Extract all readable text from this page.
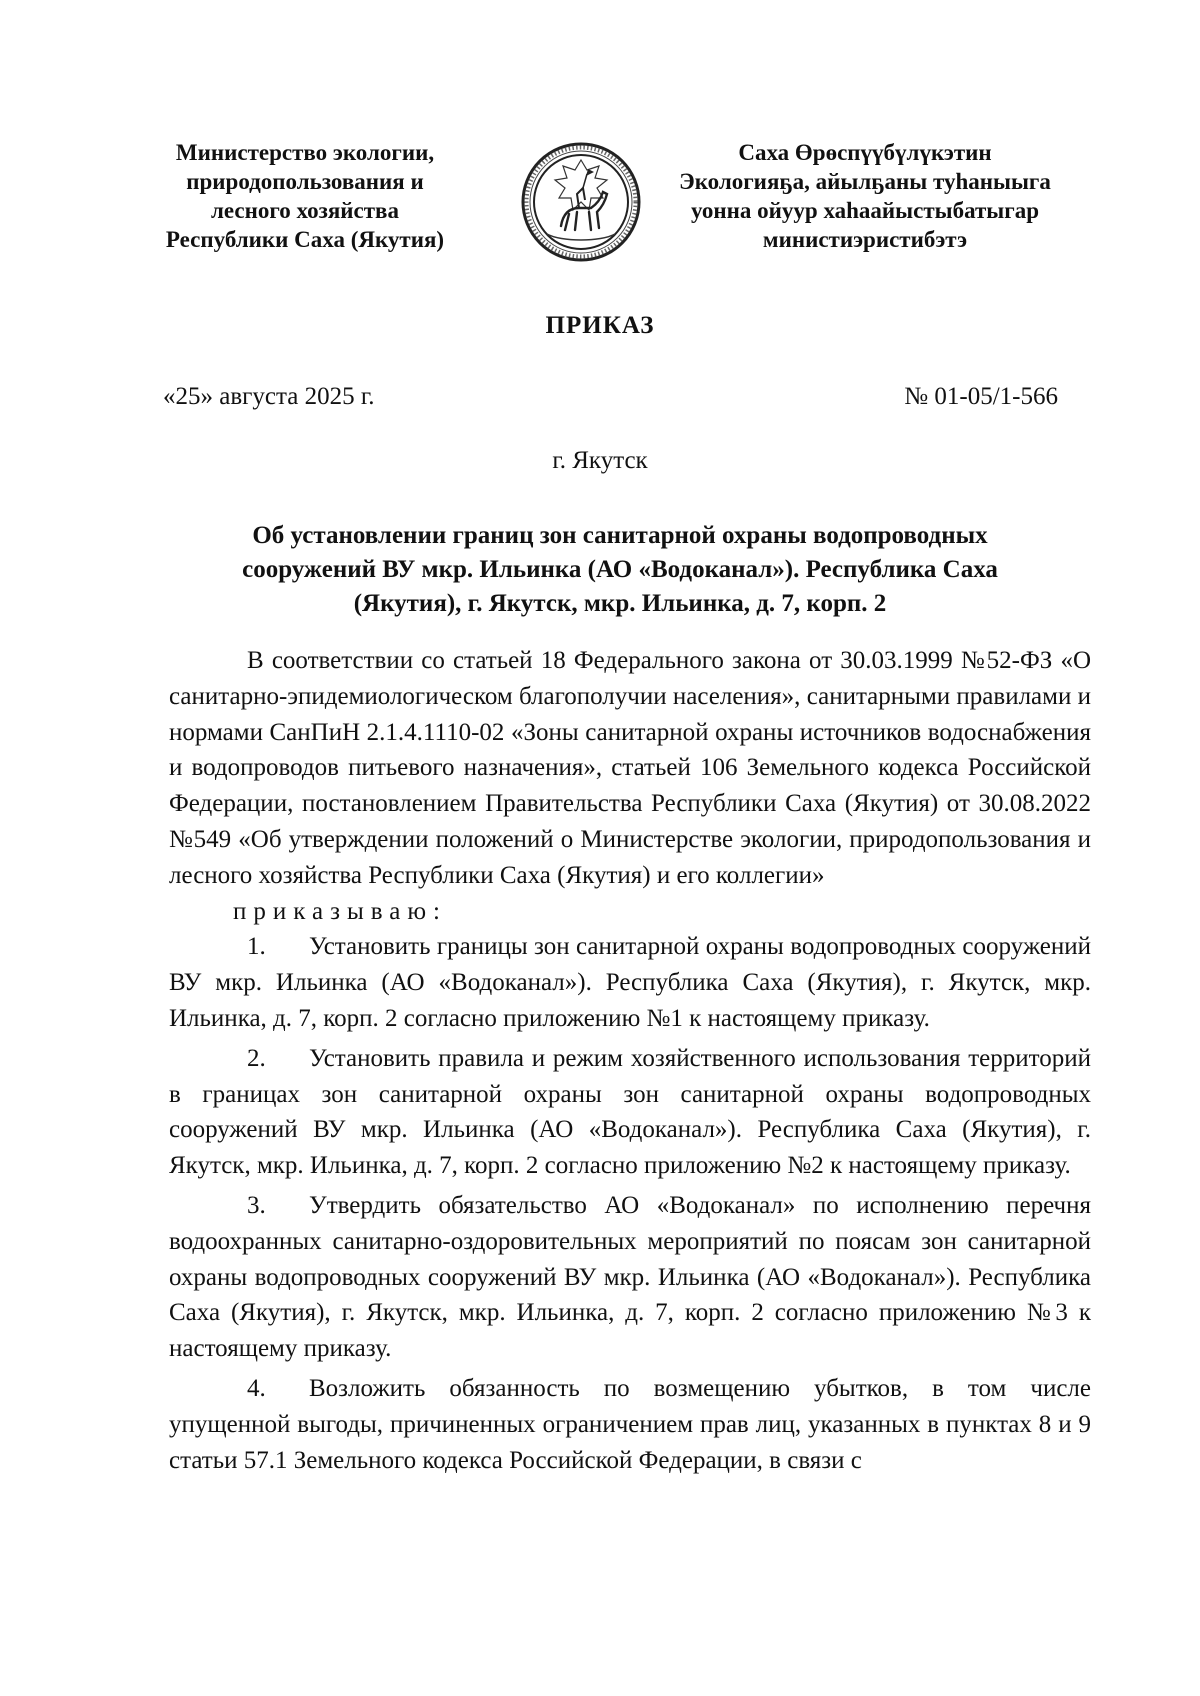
Министерство экологии,
природопользования и
лесного хозяйства
Республики Саха (Якутия)
Саха Өрөспүүбүлүкэтин
Экологияҕа, айылҕаны туһаныыга
уонна ойуур хаһаайыстыбатыгар
министиэристибэтэ
ПРИКАЗ
«25» августа 2025 г.	№ 01-05/1-566
г. Якутск
Об установлении границ зон санитарной охраны водопроводных
сооружений ВУ мкр. Ильинка (АО «Водоканал»). Республика Саха
(Якутия), г. Якутск, мкр. Ильинка, д. 7, корп. 2

В соответствии со статьей 18 Федерального закона от 30.03.1999 №52-ФЗ «О санитарно-эпидемиологическом благополучии населения», санитарными правилами и нормами СанПиН 2.1.4.1110-02 «Зоны санитарной охраны источников водоснабжения и водопроводов питьевого назначения», статьей 106 Земельного кодекса Российской Федерации, постановлением Правительства Республики Саха (Якутия) от 30.08.2022 №549 «Об утверждении положений о Министерстве экологии, природопользования и лесного хозяйства Республики Саха (Якутия) и его коллегии»

приказываю:

1. Установить границы зон санитарной охраны водопроводных сооружений ВУ мкр. Ильинка (АО «Водоканал»). Республика Саха (Якутия), г. Якутск, мкр. Ильинка, д. 7, корп. 2 согласно приложению №1 к настоящему приказу.

2. Установить правила и режим хозяйственного использования территорий в границах зон санитарной охраны зон санитарной охраны водопроводных сооружений ВУ мкр. Ильинка (АО «Водоканал»). Республика Саха (Якутия), г. Якутск, мкр. Ильинка, д. 7, корп. 2 согласно приложению №2 к настоящему приказу.

3. Утвердить обязательство АО «Водоканал» по исполнению перечня водоохранных санитарно-оздоровительных мероприятий по поясам зон санитарной охраны водопроводных сооружений ВУ мкр. Ильинка (АО «Водоканал»). Республика Саха (Якутия), г. Якутск, мкр. Ильинка, д. 7, корп. 2 согласно приложению №3 к настоящему приказу.

4. Возложить обязанность по возмещению убытков, в том числе упущенной выгоды, причиненных ограничением прав лиц, указанных в пунктах 8 и 9 статьи 57.1 Земельного кодекса Российской Федерации, в связи с
